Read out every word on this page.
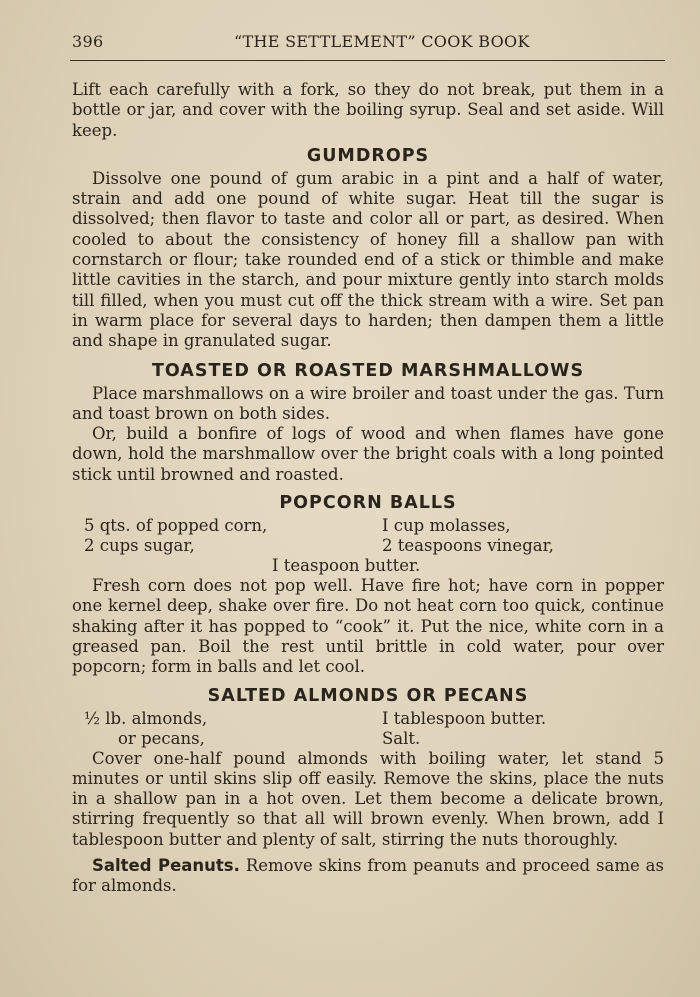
396	“THE SETTLEMENT” COOK BOOK

Lift each carefully with a fork, so they do not break, put them in a bottle or jar, and cover with the boiling syrup. Seal and set aside. Will keep.

GUMDROPS

Dissolve one pound of gum arabic in a pint and a half of water, strain and add one pound of white sugar. Heat till the sugar is dissolved; then flavor to taste and color all or part, as desired. When cooled to about the consistency of honey fill a shallow pan with cornstarch or flour; take rounded end of a stick or thimble and make little cavities in the starch, and pour mixture gently into starch molds till filled, when you must cut off the thick stream with a wire. Set pan in warm place for several days to harden; then dampen them a little and shape in granulated sugar.

TOASTED OR ROASTED MARSHMALLOWS

Place marshmallows on a wire broiler and toast under the gas. Turn and toast brown on both sides.

Or, build a bonfire of logs of wood and when flames have gone down, hold the marshmallow over the bright coals with a long pointed stick until browned and roasted.

POPCORN BALLS
5 qts. of popped corn,	I cup molasses,
2 cups sugar,	2 teaspoons vinegar,
I teaspoon butter.

Fresh corn does not pop well. Have fire hot; have corn in popper one kernel deep, shake over fire. Do not heat corn too quick, continue shaking after it has popped to “cook” it. Put the nice, white corn in a greased pan. Boil the rest until brittle in cold water, pour over popcorn; form in balls and let cool.

SALTED ALMONDS OR PECANS
½ lb. almonds,	I tablespoon butter.
or pecans,	Salt.

Cover one-half pound almonds with boiling water, let stand 5 minutes or until skins slip off easily. Remove the skins, place the nuts in a shallow pan in a hot oven. Let them become a delicate brown, stirring frequently so that all will brown evenly. When brown, add I tablespoon butter and plenty of salt, stirring the nuts thoroughly.

Salted Peanuts. Remove skins from peanuts and proceed same as for almonds.
